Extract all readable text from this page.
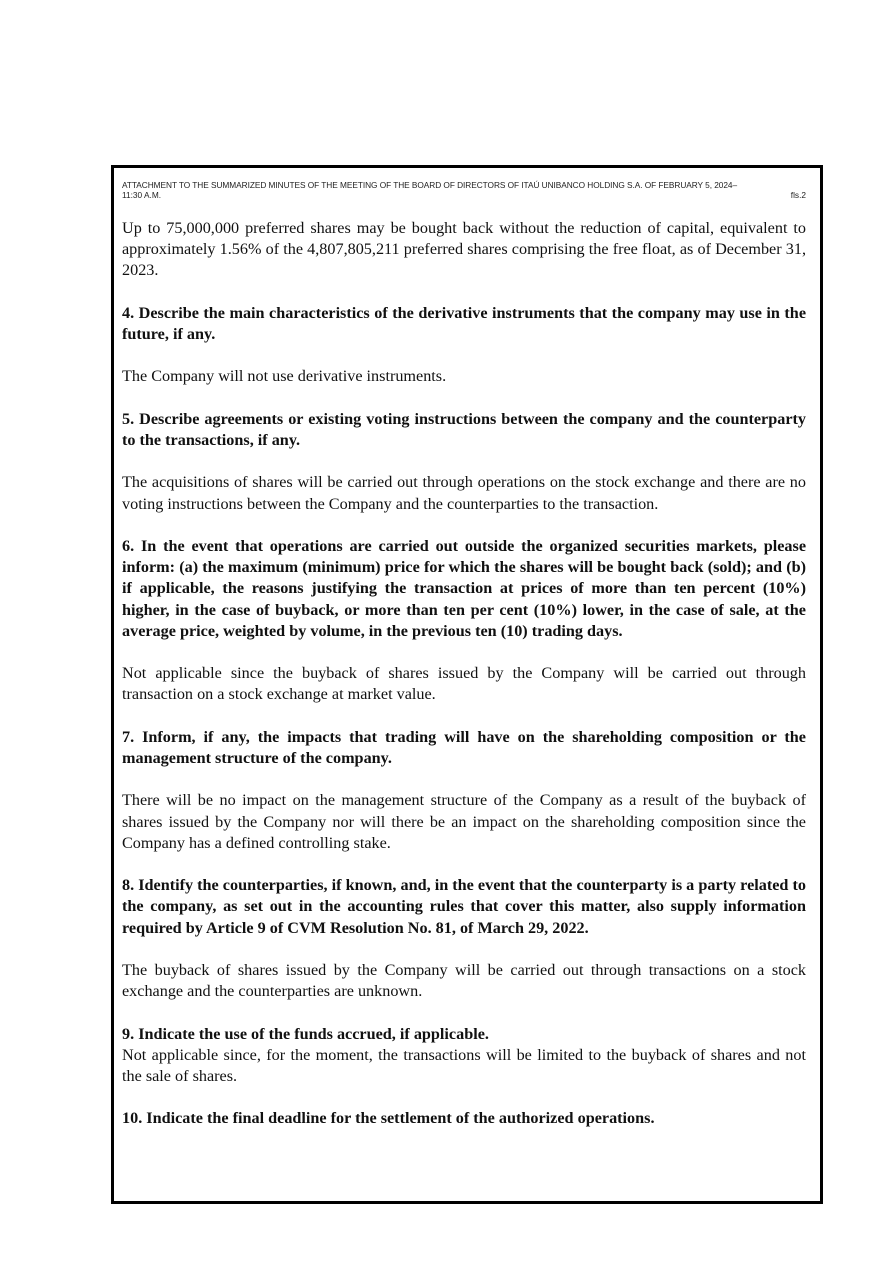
ATTACHMENT TO THE SUMMARIZED MINUTES OF THE MEETING OF THE BOARD OF DIRECTORS OF ITAÚ UNIBANCO HOLDING S.A. OF FEBRUARY 5, 2024–
11:30 A.M.	fls.2

Up to 75,000,000 preferred shares may be bought back without the reduction of capital, equivalent to approximately 1.56% of the 4,807,805,211 preferred shares comprising the free float, as of December 31, 2023.

4. Describe the main characteristics of the derivative instruments that the company may use in the future, if any.

The Company will not use derivative instruments.

5. Describe agreements or existing voting instructions between the company and the counterparty to the transactions, if any.

The acquisitions of shares will be carried out through operations on the stock exchange and there are no voting instructions between the Company and the counterparties to the transaction.

6. In the event that operations are carried out outside the organized securities markets, please inform: (a) the maximum (minimum) price for which the shares will be bought back (sold); and (b) if applicable, the reasons justifying the transaction at prices of more than ten percent (10%) higher, in the case of buyback, or more than ten per cent (10%) lower, in the case of sale, at the average price, weighted by volume, in the previous ten (10) trading days.

Not applicable since the buyback of shares issued by the Company will be carried out through transaction on a stock exchange at market value.

7. Inform, if any, the impacts that trading will have on the shareholding composition or the management structure of the company.

There will be no impact on the management structure of the Company as a result of the buyback of shares issued by the Company nor will there be an impact on the shareholding composition since the Company has a defined controlling stake.

8. Identify the counterparties, if known, and, in the event that the counterparty is a party related to the company, as set out in the accounting rules that cover this matter, also supply information required by Article 9 of CVM Resolution No. 81, of March 29, 2022.

The buyback of shares issued by the Company will be carried out through transactions on a stock exchange and the counterparties are unknown.

9. Indicate the use of the funds accrued, if applicable.

Not applicable since, for the moment, the transactions will be limited to the buyback of shares and not the sale of shares.

10. Indicate the final deadline for the settlement of the authorized operations.
